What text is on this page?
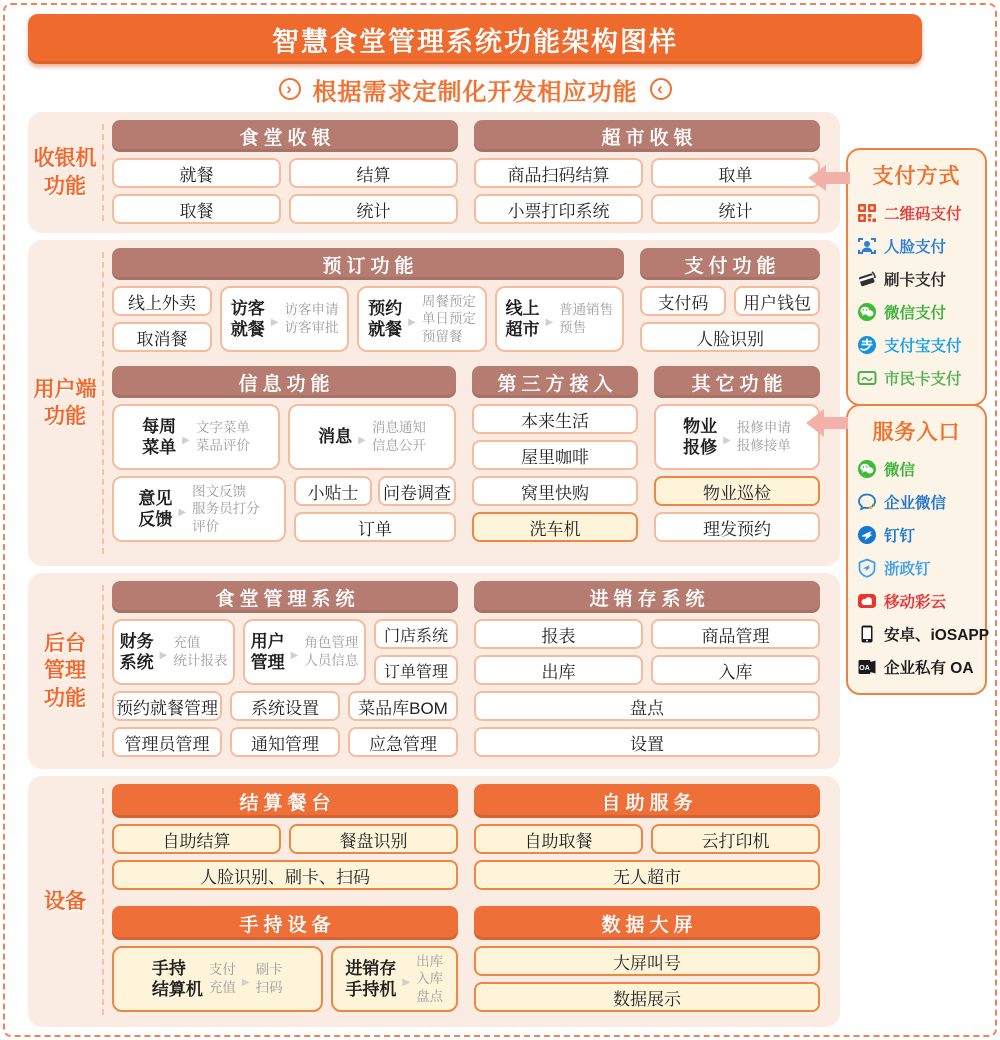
智慧食堂管理系统功能架构图样
› 根据需求定制化开发相应功能	‹
收银机
功能
食堂收银
就餐	结算
取餐	统计
超市收银
商品扫码结算	取单
小票打印系统	统计
用户端
功能
预订功能
线上外卖
取消餐
访客
就餐 ▶
访客申请
访客审批
预约
就餐 ▶
周餐预定
单日预定
预留餐
线上
超市 ▶
普通销售
预售
支付功能
支付码	用户钱包
人脸识别
信息功能
每周
菜单 ▶
文字菜单
菜品评价	消息 ▶
消息通知
信息公开
意见
反馈 ▶
图文反馈
服务员打分
评价
小贴士	问卷调查
订单
第三方接入
本来生活
屋里咖啡
窝里快购
洗车机
其它功能
物业
报修 ▶
报修申请
报修接单
物业巡检
理发预约
后台
管理
功能
食堂管理系统
财务
系统 ▶
充值
统计报表
用户
管理 ▶
角色管理
人员信息
门店系统
订单管理
预约就餐管理	系统设置	菜品库BOM
管理员管理	通知管理	应急管理
进销存系统
报表	商品管理
出库	入库
盘点
设置
设备
结算餐台
自助结算	餐盘识别
人脸识别、刷卡、扫码
手持设备
手持
结算机
支付
充值 ▶
刷卡
扫码
进销存
手持机 ▶
出库
入库
盘点
自助服务
自助取餐	云打印机
无人超市
数据大屏
大屏叫号
数据展示
支付方式
二维码支付
人脸支付
刷卡支付
微信支付
支付宝支付
市民卡支付
服务入口
微信
企业微信
钉钉
浙政钉
移动彩云
安卓、iOSAPP
OA 企业私有 OA
